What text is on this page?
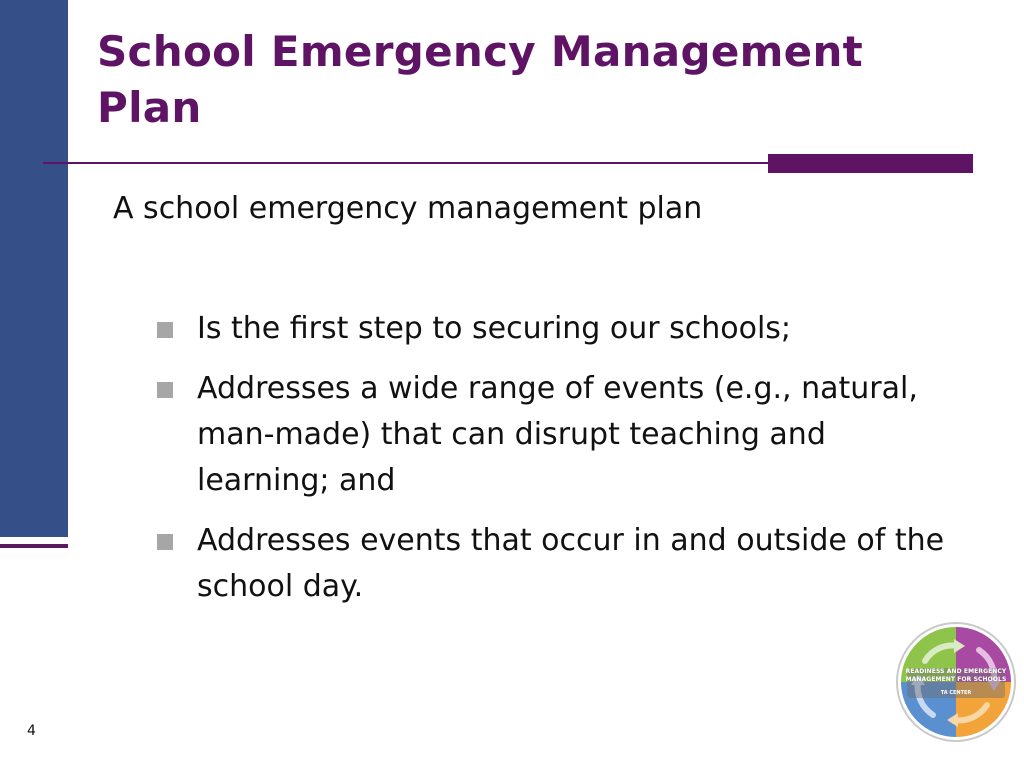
School Emergency Management Plan

A school emergency management plan

Is the first step to securing our schools;
Addresses a wide range of events (e.g., natural, man-made) that can disrupt teaching and learning; and
Addresses events that occur in and outside of the school day.
4
READINESS AND EMERGENCY
MANAGEMENT FOR SCHOOLS
TA CENTER
